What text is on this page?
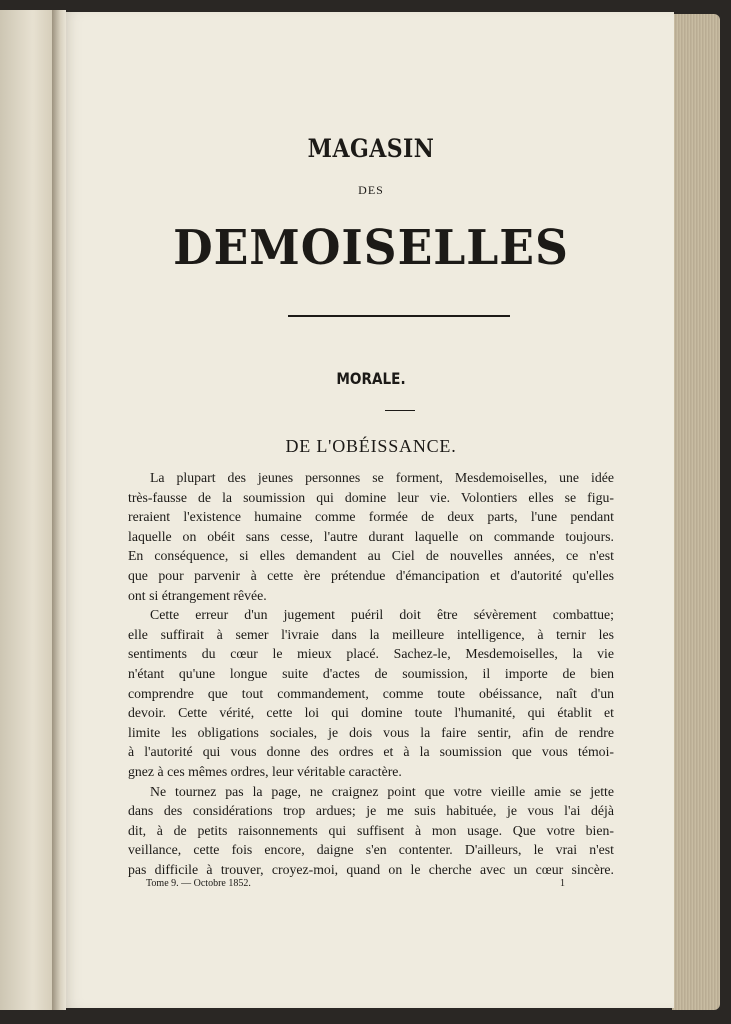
MAGASIN
DES
DEMOISELLES
MORALE.
DE L'OBÉISSANCE.
La plupart des jeunes personnes se forment, Mesdemoiselles, une idée
très-fausse de la soumission qui domine leur vie. Volontiers elles se figu-
reraient l'existence humaine comme formée de deux parts, l'une pendant
laquelle on obéit sans cesse, l'autre durant laquelle on commande toujours.
En conséquence, si elles demandent au Ciel de nouvelles années, ce n'est
que pour parvenir à cette ère prétendue d'émancipation et d'autorité qu'elles
ont si étrangement rêvée.
Cette erreur d'un jugement puéril doit être sévèrement combattue;
elle suffirait à semer l'ivraie dans la meilleure intelligence, à ternir les
sentiments du cœur le mieux placé. Sachez-le, Mesdemoiselles, la vie
n'étant qu'une longue suite d'actes de soumission, il importe de bien
comprendre que tout commandement, comme toute obéissance, naît d'un
devoir. Cette vérité, cette loi qui domine toute l'humanité, qui établit et
limite les obligations sociales, je dois vous la faire sentir, afin de rendre
à l'autorité qui vous donne des ordres et à la soumission que vous témoi-
gnez à ces mêmes ordres, leur véritable caractère.
Ne tournez pas la page, ne craignez point que votre vieille amie se jette
dans des considérations trop ardues; je me suis habituée, je vous l'ai déjà
dit, à de petits raisonnements qui suffisent à mon usage. Que votre bien-
veillance, cette fois encore, daigne s'en contenter. D'ailleurs, le vrai n'est
pas difficile à trouver, croyez-moi, quand on le cherche avec un cœur sincère.
Tome 9. — Octobre 1852.	1
